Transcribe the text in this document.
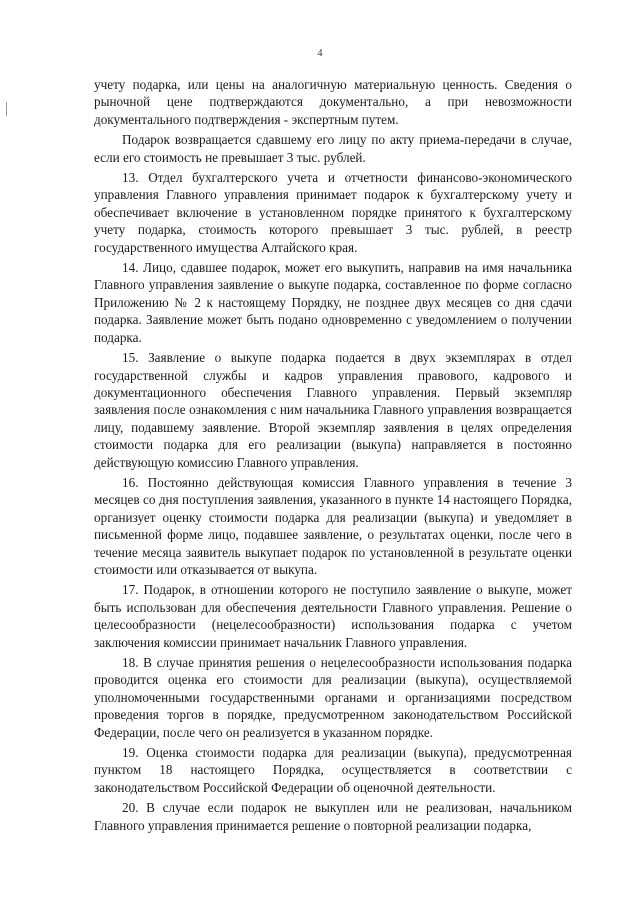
4

учету подарка, или цены на аналогичную материальную ценность. Сведения о рыночной цене подтверждаются документально, а при невозможности документального подтверждения - экспертным путем.

Подарок возвращается сдавшему его лицу по акту приема-передачи в случае, если его стоимость не превышает 3 тыс. рублей.

13. Отдел бухгалтерского учета и отчетности финансово-экономического управления Главного управления принимает подарок к бухгалтерскому учету и обеспечивает включение в установленном порядке принятого к бухгалтерскому учету подарка, стоимость которого превышает 3 тыс. рублей, в реестр государственного имущества Алтайского края.

14. Лицо, сдавшее подарок, может его выкупить, направив на имя начальника Главного управления заявление о выкупе подарка, составленное по форме согласно Приложению № 2 к настоящему Порядку, не позднее двух месяцев со дня сдачи подарка. Заявление может быть подано одновременно с уведомлением о получении подарка.

15. Заявление о выкупе подарка подается в двух экземплярах в отдел государственной службы и кадров управления правового, кадрового и документационного обеспечения Главного управления. Первый экземпляр заявления после ознакомления с ним начальника Главного управления возвращается лицу, подавшему заявление. Второй экземпляр заявления в целях определения стоимости подарка для его реализации (выкупа) направляется в постоянно действующую комиссию Главного управления.

16. Постоянно действующая комиссия Главного управления в течение 3 месяцев со дня поступления заявления, указанного в пункте 14 настоящего Порядка, организует оценку стоимости подарка для реализации (выкупа) и уведомляет в письменной форме лицо, подавшее заявление, о результатах оценки, после чего в течение месяца заявитель выкупает подарок по установленной в результате оценки стоимости или отказывается от выкупа.

17. Подарок, в отношении которого не поступило заявление о выкупе, может быть использован для обеспечения деятельности Главного управления. Решение о целесообразности (нецелесообразности) использования подарка с учетом заключения комиссии принимает начальник Главного управления.

18. В случае принятия решения о нецелесообразности использования подарка проводится оценка его стоимости для реализации (выкупа), осуществляемой уполномоченными государственными органами и организациями посредством проведения торгов в порядке, предусмотренном законодательством Российской Федерации, после чего он реализуется в указанном порядке.

19. Оценка стоимости подарка для реализации (выкупа), предусмотренная пунктом 18 настоящего Порядка, осуществляется в соответствии с законодательством Российской Федерации об оценочной деятельности.

20. В случае если подарок не выкуплен или не реализован, начальником Главного управления принимается решение о повторной реализации подарка,
